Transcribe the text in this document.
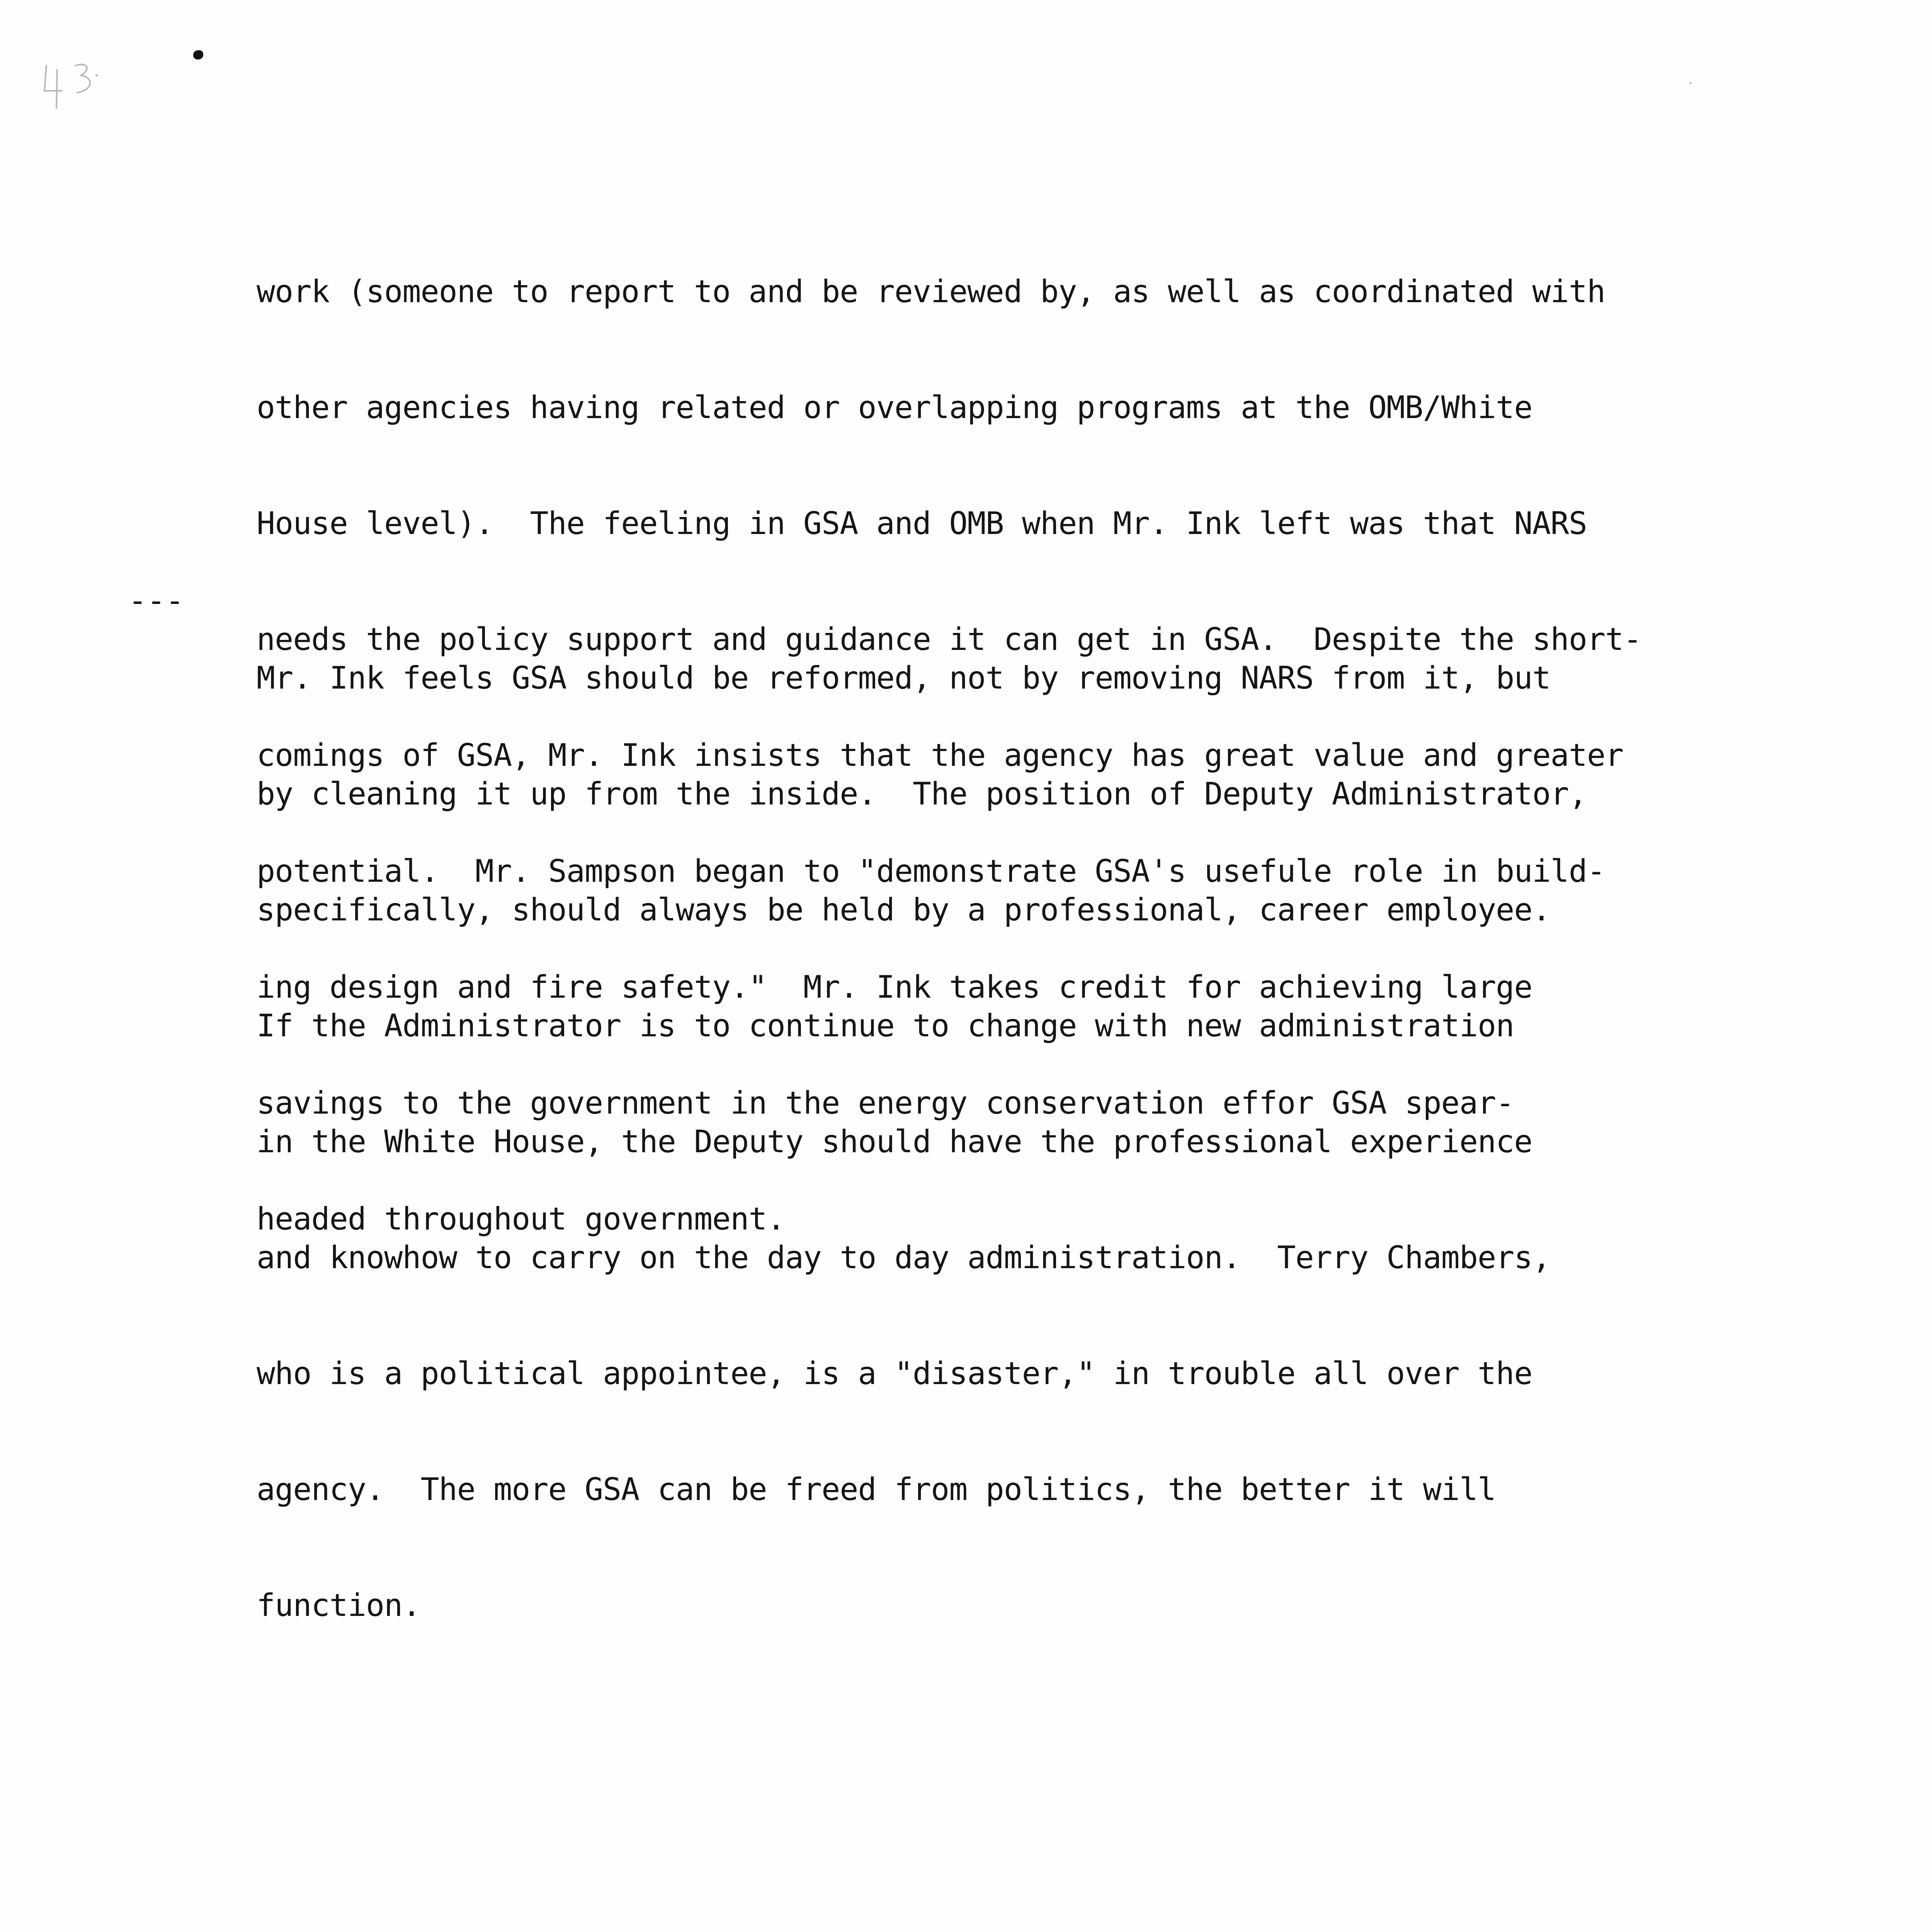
work (someone to report to and be reviewed by, as well as coordinated with

other agencies having related or overlapping programs at the OMB/White

House level).  The feeling in GSA and OMB when Mr. Ink left was that NARS

needs the policy support and guidance it can get in GSA.  Despite the short-

comings of GSA, Mr. Ink insists that the agency has great value and greater

potential.  Mr. Sampson began to "demonstrate GSA's usefule role in build-

ing design and fire safety."  Mr. Ink takes credit for achieving large

savings to the government in the energy conservation effor GSA spear-

headed throughout government.

---

Mr. Ink feels GSA should be reformed, not by removing NARS from it, but

by cleaning it up from the inside.  The position of Deputy Administrator,

specifically, should always be held by a professional, career employee.

If the Administrator is to continue to change with new administration

in the White House, the Deputy should have the professional experience

and knowhow to carry on the day to day administration.  Terry Chambers,

who is a political appointee, is a "disaster," in trouble all over the

agency.  The more GSA can be freed from politics, the better it will

function.
